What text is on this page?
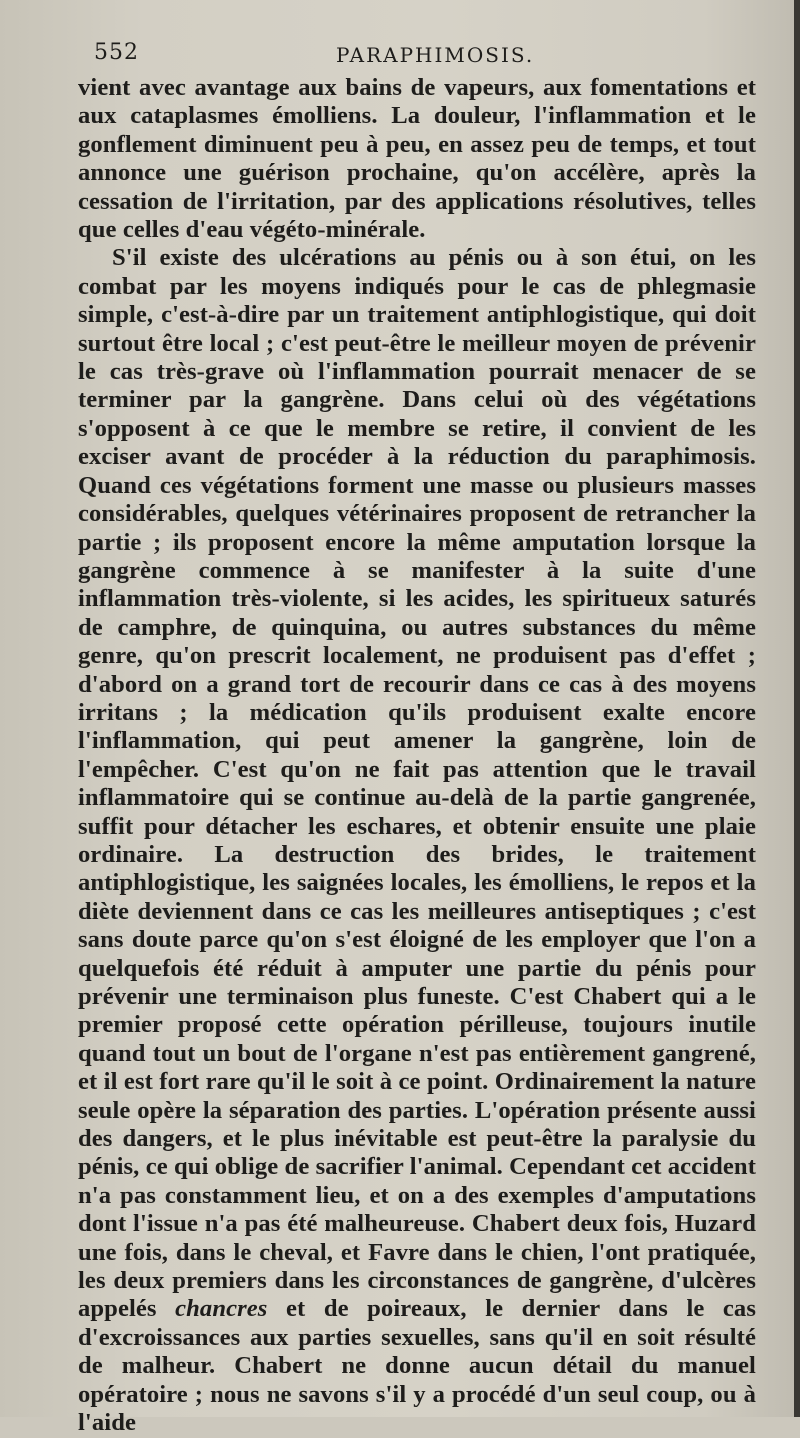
552	PARAPHIMOSIS.

vient avec avantage aux bains de vapeurs, aux fomentations et aux cataplasmes émolliens. La douleur, l'inflammation et le gonflement diminuent peu à peu, en assez peu de temps, et tout annonce une guérison prochaine, qu'on accélère, après la cessation de l'irritation, par des applications résolutives, telles que celles d'eau végéto-minérale.

S'il existe des ulcérations au pénis ou à son étui, on les combat par les moyens indiqués pour le cas de phlegmasie simple, c'est-à-dire par un traitement antiphlogistique, qui doit surtout être local ; c'est peut-être le meilleur moyen de prévenir le cas très-grave où l'inflammation pourrait menacer de se terminer par la gangrène. Dans celui où des végétations s'opposent à ce que le membre se retire, il convient de les exciser avant de procéder à la réduction du paraphimosis. Quand ces végétations forment une masse ou plusieurs masses considérables, quelques vétérinaires proposent de retrancher la partie ; ils proposent encore la même amputation lorsque la gangrène commence à se manifester à la suite d'une inflammation très-violente, si les acides, les spiritueux saturés de camphre, de quinquina, ou autres substances du même genre, qu'on prescrit localement, ne produisent pas d'effet ; d'abord on a grand tort de recourir dans ce cas à des moyens irritans ; la médication qu'ils produisent exalte encore l'inflammation, qui peut amener la gangrène, loin de l'empêcher. C'est qu'on ne fait pas attention que le travail inflammatoire qui se continue au-delà de la partie gangrenée, suffit pour détacher les eschares, et obtenir ensuite une plaie ordinaire. La destruction des brides, le traitement antiphlogistique, les saignées locales, les émolliens, le repos et la diète deviennent dans ce cas les meilleures antiseptiques ; c'est sans doute parce qu'on s'est éloigné de les employer que l'on a quelquefois été réduit à amputer une partie du pénis pour prévenir une terminaison plus funeste. C'est Chabert qui a le premier proposé cette opération périlleuse, toujours inutile quand tout un bout de l'organe n'est pas entièrement gangrené, et il est fort rare qu'il le soit à ce point. Ordinairement la nature seule opère la séparation des parties. L'opération présente aussi des dangers, et le plus inévitable est peut-être la paralysie du pénis, ce qui oblige de sacrifier l'animal. Cependant cet accident n'a pas constamment lieu, et on a des exemples d'amputations dont l'issue n'a pas été malheureuse. Chabert deux fois, Huzard une fois, dans le cheval, et Favre dans le chien, l'ont pratiquée, les deux premiers dans les circonstances de gangrène, d'ulcères appelés chancres et de poireaux, le dernier dans le cas d'excroissances aux parties sexuelles, sans qu'il en soit résulté de malheur. Chabert ne donne aucun détail du manuel opératoire ; nous ne savons s'il y a procédé d'un seul coup, ou à l'aide
